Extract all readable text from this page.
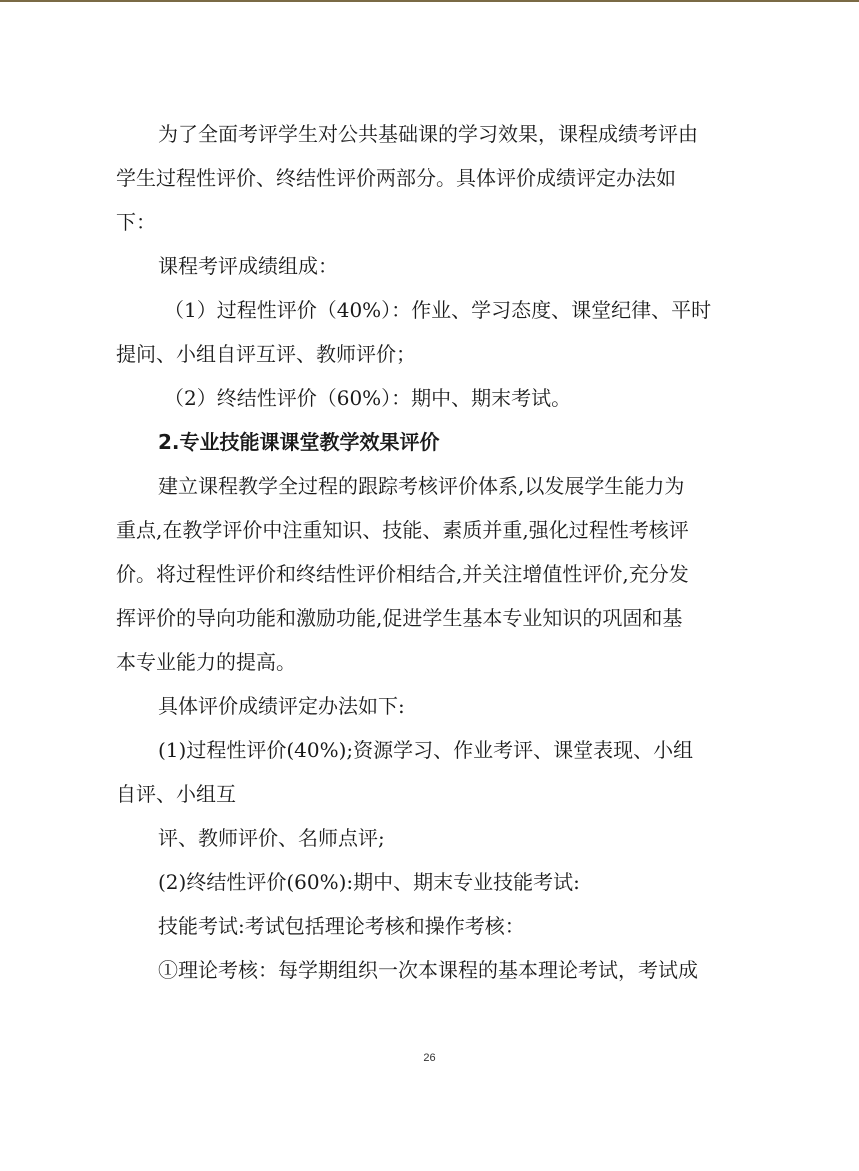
为了全面考评学生对公共基础课的学习效果，课程成绩考评由
学生过程性评价、终结性评价两部分。具体评价成绩评定办法如
下：
课程考评成绩组成：
（1）过程性评价（40%）：作业、学习态度、课堂纪律、平时
提问、小组自评互评、教师评价；
（2）终结性评价（60%）：期中、期末考试。
2.专业技能课课堂教学效果评价
建立课程教学全过程的跟踪考核评价体系,以发展学生能力为
重点,在教学评价中注重知识、技能、素质并重,强化过程性考核评
价。将过程性评价和终结性评价相结合,并关注增值性评价,充分发
挥评价的导向功能和激励功能,促进学生基本专业知识的巩固和基
本专业能力的提高。
具体评价成绩评定办法如下:
(1)过程性评价(40%);资源学习、作业考评、课堂表现、小组
自评、小组互
评、教师评价、名师点评;
(2)终结性评价(60%):期中、期末专业技能考试:
技能考试:考试包括理论考核和操作考核：
①理论考核：每学期组织一次本课程的基本理论考试，考试成
26
